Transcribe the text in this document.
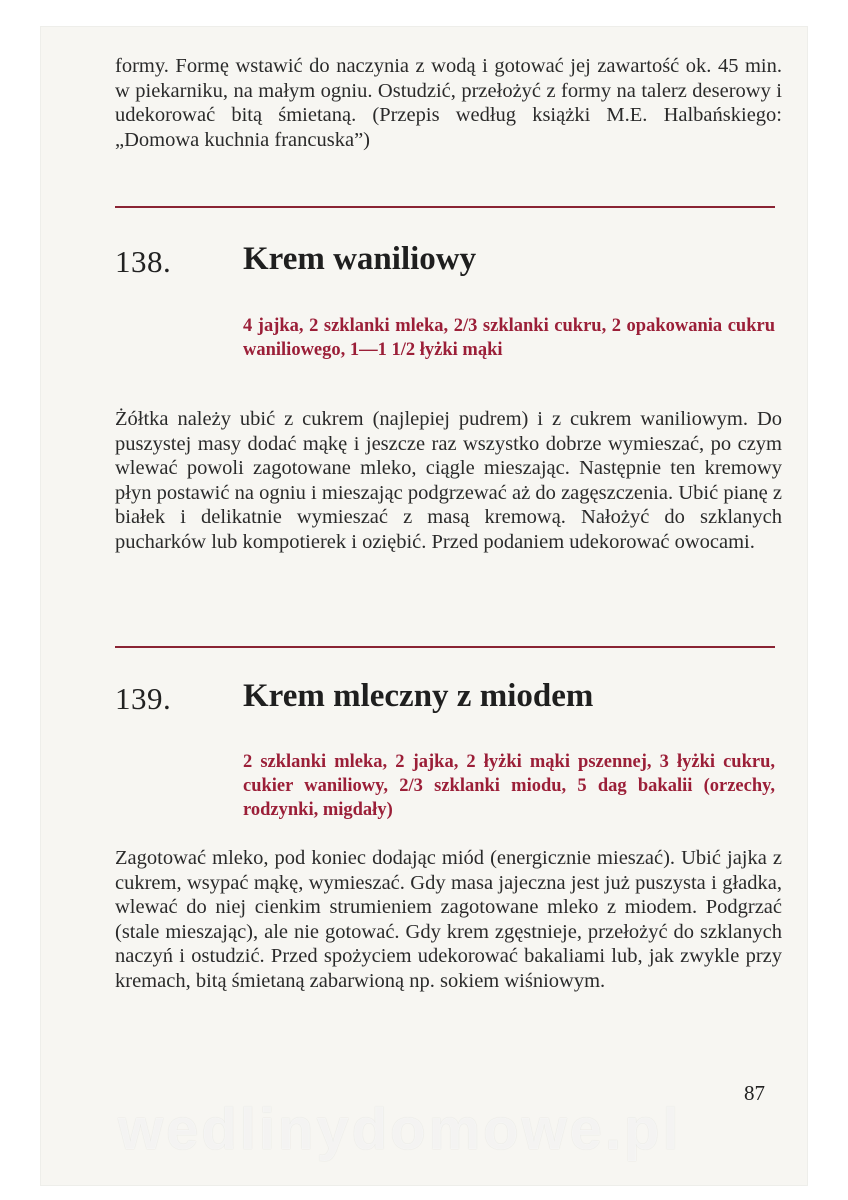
formy. Formę wstawić do naczynia z wodą i gotować jej zawartość ok. 45 min. w piekarniku, na małym ogniu. Ostudzić, przełożyć z formy na talerz deserowy i udekorować bitą śmietaną. (Przepis według książki M.E. Halbańskiego: „Domowa kuchnia francuska”)

138. Krem waniliowy

4 jajka, 2 szklanki mleka, 2/3 szklanki cukru, 2 opakowania cukru waniliowego, 1—1 1/2 łyżki mąki

Żółtka należy ubić z cukrem (najlepiej pudrem) i z cukrem waniliowym. Do puszystej masy dodać mąkę i jeszcze raz wszystko dobrze wymieszać, po czym wlewać powoli zagotowane mleko, ciągle mieszając. Następnie ten kremowy płyn postawić na ogniu i mieszając podgrzewać aż do zagęszczenia. Ubić pianę z białek i delikatnie wymieszać z masą kremową. Nałożyć do szklanych pucharków lub kompotierek i oziębić. Przed podaniem udekorować owocami.

139. Krem mleczny z miodem

2 szklanki mleka, 2 jajka, 2 łyżki mąki pszennej, 3 łyżki cukru, cukier waniliowy, 2/3 szklanki miodu, 5 dag bakalii (orzechy, rodzynki, migdały)

Zagotować mleko, pod koniec dodając miód (energicznie mieszać). Ubić jajka z cukrem, wsypać mąkę, wymieszać. Gdy masa jajeczna jest już puszysta i gładka, wlewać do niej cienkim strumieniem zagotowane mleko z miodem. Podgrzać (stale mieszając), ale nie gotować. Gdy krem zgęstnieje, przełożyć do szklanych naczyń i ostudzić. Przed spożyciem udekorować bakaliami lub, jak zwykle przy kremach, bitą śmietaną zabarwioną np. sokiem wiśniowym.

87
wedlinydomowe.pl
